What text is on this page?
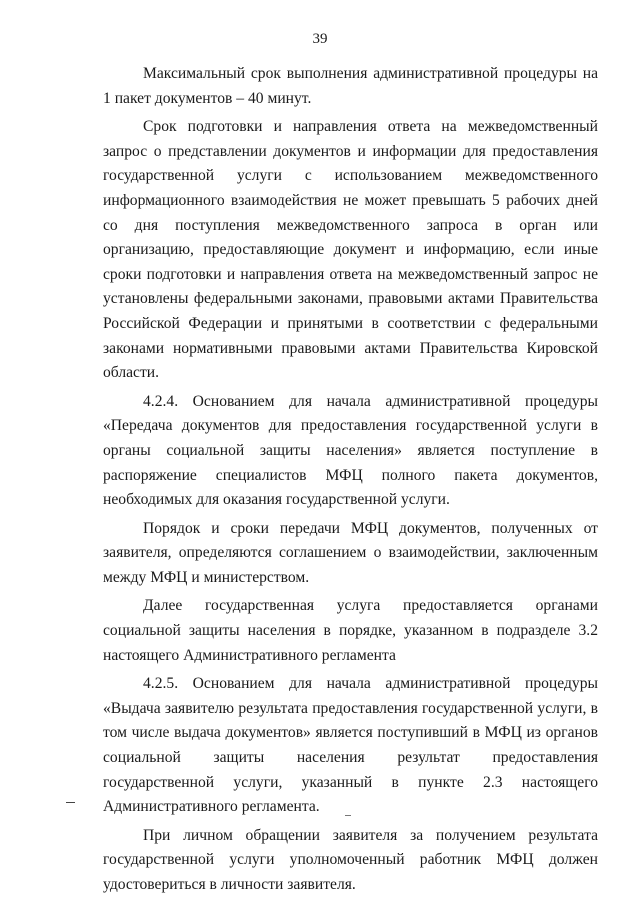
39

Максимальный срок выполнения административной процедуры на 1 пакет документов – 40 минут.

Срок подготовки и направления ответа на межведомственный запрос о представлении документов и информации для предоставления государственной услуги с использованием межведомственного информационного взаимодействия не может превышать 5 рабочих дней со дня поступления межведомственного запроса в орган или организацию, предоставляющие документ и информацию, если иные сроки подготовки и направления ответа на межведомственный запрос не установлены федеральными законами, правовыми актами Правительства Российской Федерации и принятыми в соответствии с федеральными законами нормативными правовыми актами Правительства Кировской области.

4.2.4. Основанием для начала административной процедуры «Передача документов для предоставления государственной услуги в органы социальной защиты населения» является поступление в распоряжение специалистов МФЦ полного пакета документов, необходимых для оказания государственной услуги.

Порядок и сроки передачи МФЦ документов, полученных от заявителя, определяются соглашением о взаимодействии, заключенным между МФЦ и министерством.

Далее государственная услуга предоставляется органами социальной защиты населения в порядке, указанном в подразделе 3.2 настоящего Административного регламента

4.2.5. Основанием для начала административной процедуры «Выдача заявителю результата предоставления государственной услуги, в том числе выдача документов» является поступивший в МФЦ из органов социальной защиты населения результат предоставления государственной услуги, указанный в пункте 2.3 настоящего Административного регламента.

При личном обращении заявителя за получением результата государственной услуги уполномоченный работник МФЦ должен удостовериться в личности заявителя.
